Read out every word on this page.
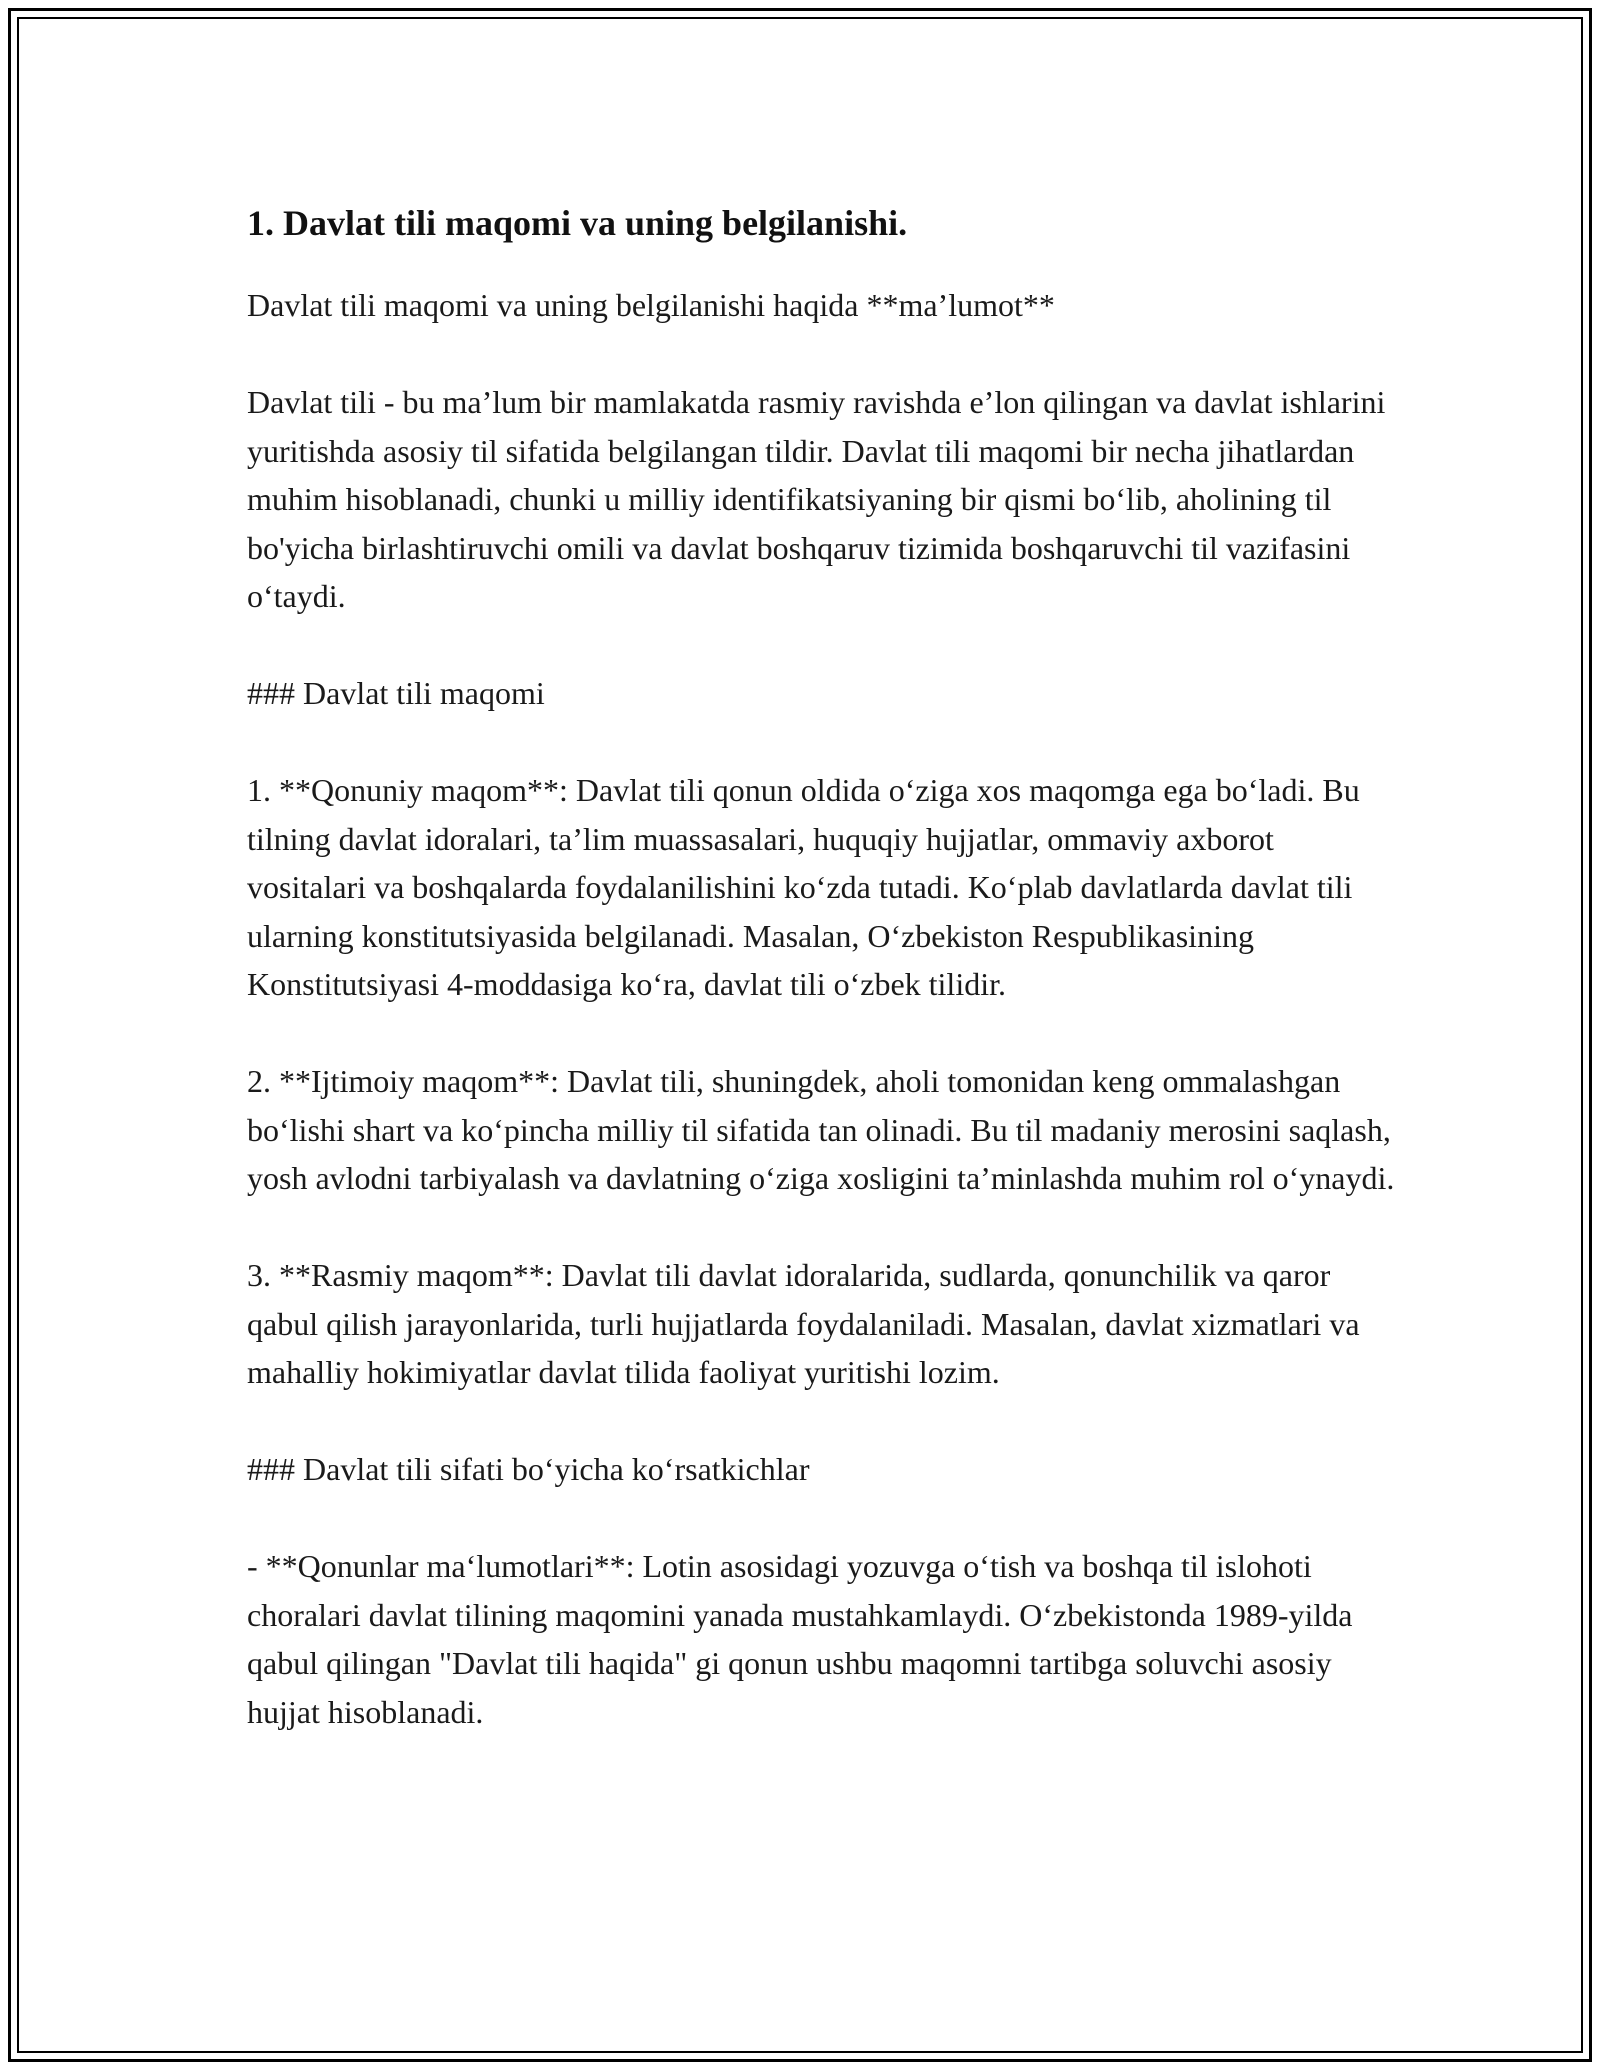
1. Davlat tili maqomi va uning belgilanishi.

Davlat tili maqomi va uning belgilanishi haqida **ma’lumot**

Davlat tili - bu ma’lum bir mamlakatda rasmiy ravishda e’lon qilingan va davlat ishlarini yuritishda asosiy til sifatida belgilangan tildir. Davlat tili maqomi bir necha jihatlardan muhim hisoblanadi, chunki u milliy identifikatsiyaning bir qismi bo‘lib, aholining til bo'yicha birlashtiruvchi omili va davlat boshqaruv tizimida boshqaruvchi til vazifasini o‘taydi.

### Davlat tili maqomi

1. **Qonuniy maqom**: Davlat tili qonun oldida o‘ziga xos maqomga ega bo‘ladi. Bu tilning davlat idoralari, ta’lim muassasalari, huquqiy hujjatlar, ommaviy axborot vositalari va boshqalarda foydalanilishini ko‘zda tutadi. Ko‘plab davlatlarda davlat tili ularning konstitutsiyasida belgilanadi. Masalan, O‘zbekiston Respublikasining Konstitutsiyasi 4-moddasiga ko‘ra, davlat tili o‘zbek tilidir.

2. **Ijtimoiy maqom**: Davlat tili, shuningdek, aholi tomonidan keng ommalashgan bo‘lishi shart va ko‘pincha milliy til sifatida tan olinadi. Bu til madaniy merosini saqlash, yosh avlodni tarbiyalash va davlatning o‘ziga xosligini ta’minlashda muhim rol o‘ynaydi.

3. **Rasmiy maqom**: Davlat tili davlat idoralarida, sudlarda, qonunchilik va qaror qabul qilish jarayonlarida, turli hujjatlarda foydalaniladi. Masalan, davlat xizmatlari va mahalliy hokimiyatlar davlat tilida faoliyat yuritishi lozim.

### Davlat tili sifati bo‘yicha ko‘rsatkichlar

- **Qonunlar ma‘lumotlari**: Lotin asosidagi yozuvga o‘tish va boshqa til islohoti choralari davlat tilining maqomini yanada mustahkamlaydi. O‘zbekistonda 1989-yilda qabul qilingan "Davlat tili haqida" gi qonun ushbu maqomni tartibga soluvchi asosiy hujjat hisoblanadi.
